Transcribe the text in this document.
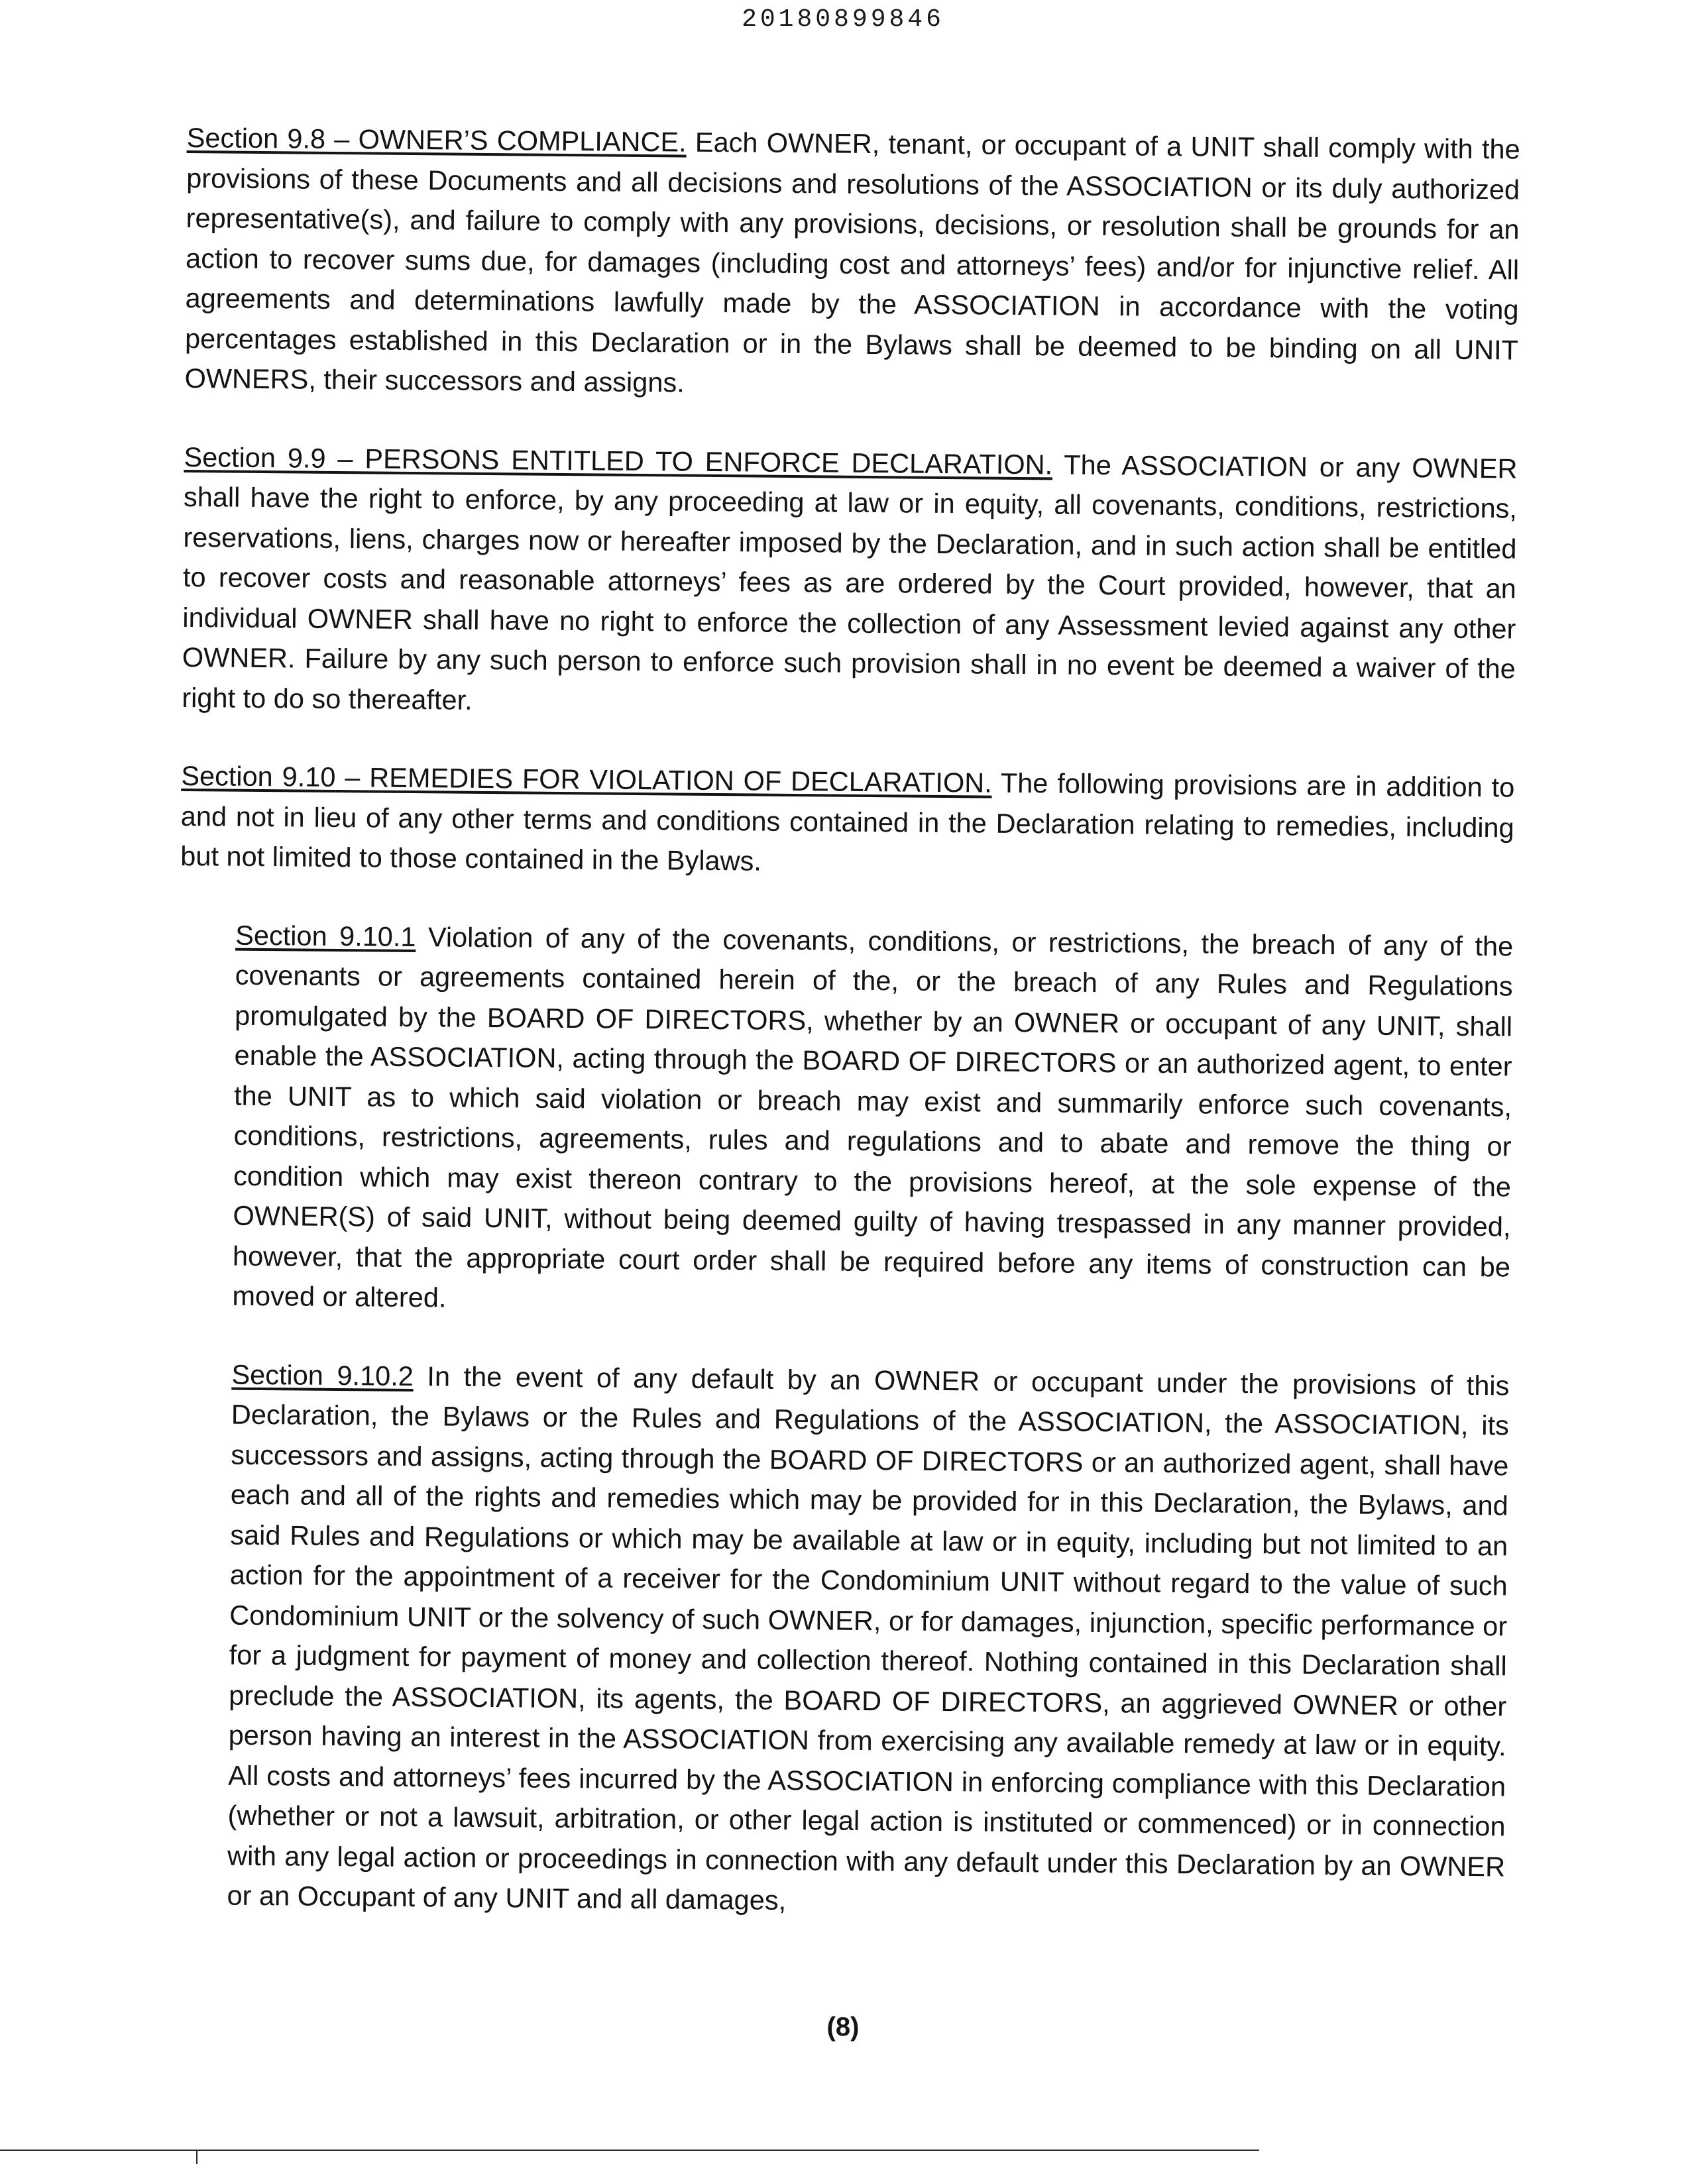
20180899846

Section 9.8 – OWNER’S COMPLIANCE. Each OWNER, tenant, or occupant of a UNIT shall comply with the provisions of these Documents and all decisions and resolutions of the ASSOCIATION or its duly authorized representative(s), and failure to comply with any provisions, decisions, or resolution shall be grounds for an action to recover sums due, for damages (including cost and attorneys’ fees) and/or for injunctive relief. All agreements and determinations lawfully made by the ASSOCIATION in accordance with the voting percentages established in this Declaration or in the Bylaws shall be deemed to be binding on all UNIT OWNERS, their successors and assigns.

Section 9.9 – PERSONS ENTITLED TO ENFORCE DECLARATION. The ASSOCIATION or any OWNER shall have the right to enforce, by any proceeding at law or in equity, all covenants, conditions, restrictions, reservations, liens, charges now or hereafter imposed by the Declaration, and in such action shall be entitled to recover costs and reasonable attorneys’ fees as are ordered by the Court provided, however, that an individual OWNER shall have no right to enforce the collection of any Assessment levied against any other OWNER. Failure by any such person to enforce such provision shall in no event be deemed a waiver of the right to do so thereafter.

Section 9.10 – REMEDIES FOR VIOLATION OF DECLARATION. The following provisions are in addition to and not in lieu of any other terms and conditions contained in the Declaration relating to remedies, including but not limited to those contained in the Bylaws.

Section 9.10.1 Violation of any of the covenants, conditions, or restrictions, the breach of any of the covenants or agreements contained herein of the, or the breach of any Rules and Regulations promulgated by the BOARD OF DIRECTORS, whether by an OWNER or occupant of any UNIT, shall enable the ASSOCIATION, acting through the BOARD OF DIRECTORS or an authorized agent, to enter the UNIT as to which said violation or breach may exist and summarily enforce such covenants, conditions, restrictions, agreements, rules and regulations and to abate and remove the thing or condition which may exist thereon contrary to the provisions hereof, at the sole expense of the OWNER(S) of said UNIT, without being deemed guilty of having trespassed in any manner provided, however, that the appropriate court order shall be required before any items of construction can be moved or altered.

Section 9.10.2 In the event of any default by an OWNER or occupant under the provisions of this Declaration, the Bylaws or the Rules and Regulations of the ASSOCIATION, the ASSOCIATION, its successors and assigns, acting through the BOARD OF DIRECTORS or an authorized agent, shall have each and all of the rights and remedies which may be provided for in this Declaration, the Bylaws, and said Rules and Regulations or which may be available at law or in equity, including but not limited to an action for the appointment of a receiver for the Condominium UNIT without regard to the value of such Condominium UNIT or the solvency of such OWNER, or for damages, injunction, specific performance or for a judgment for payment of money and collection thereof. Nothing contained in this Declaration shall preclude the ASSOCIATION, its agents, the BOARD OF DIRECTORS, an aggrieved OWNER or other person having an interest in the ASSOCIATION from exercising any available remedy at law or in equity. All costs and attorneys’ fees incurred by the ASSOCIATION in enforcing compliance with this Declaration (whether or not a lawsuit, arbitration, or other legal action is instituted or commenced) or in connection with any legal action or proceedings in connection with any default under this Declaration by an OWNER or an Occupant of any UNIT and all damages,

(8)
